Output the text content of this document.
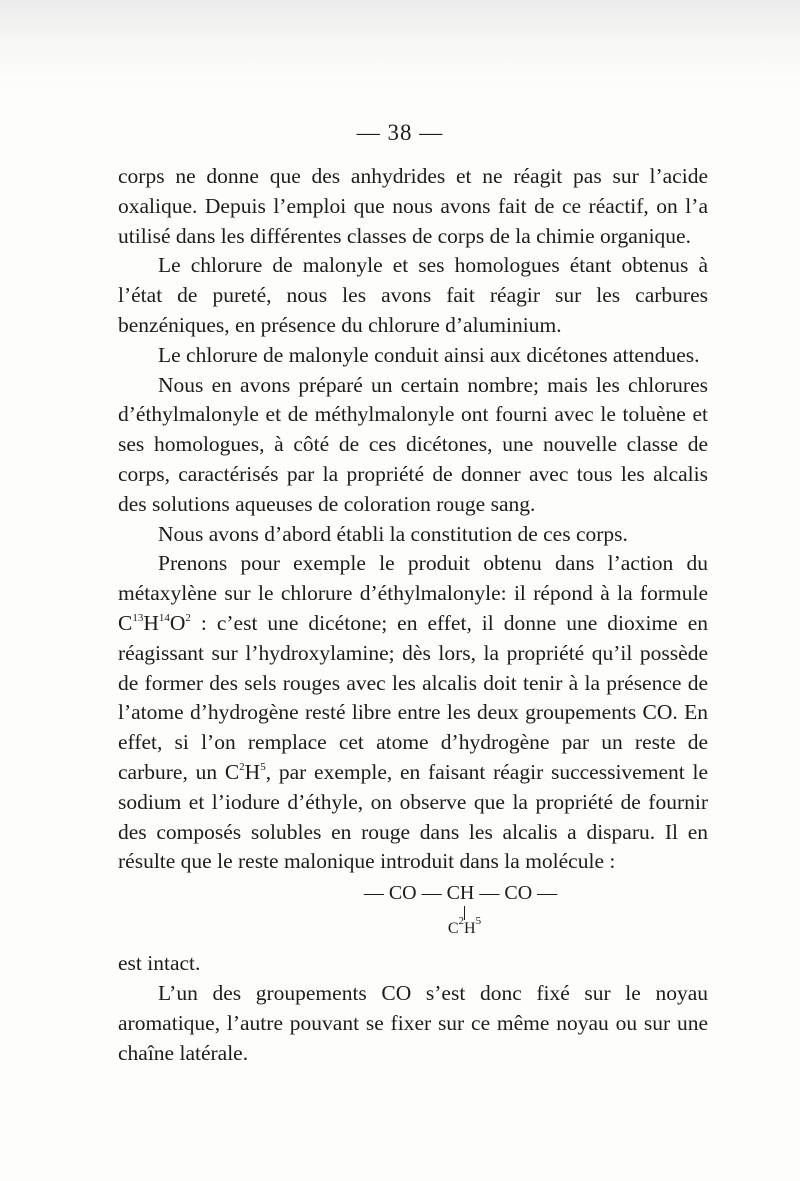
— 38 —

corps ne donne que des anhydrides et ne réagit pas sur l’acide oxalique. Depuis l’emploi que nous avons fait de ce réactif, on l’a utilisé dans les différentes classes de corps de la chimie organique.

Le chlorure de malonyle et ses homologues étant obtenus à l’état de pureté, nous les avons fait réagir sur les carbures benzéniques, en présence du chlorure d’aluminium.

Le chlorure de malonyle conduit ainsi aux dicétones attendues.

Nous en avons préparé un certain nombre; mais les chlorures d’éthylmalonyle et de méthylmalonyle ont fourni avec le toluène et ses homologues, à côté de ces dicétones, une nouvelle classe de corps, caractérisés par la propriété de donner avec tous les alcalis des solutions aqueuses de coloration rouge sang.

Nous avons d’abord établi la constitution de ces corps.

Prenons pour exemple le produit obtenu dans l’action du métaxylène sur le chlorure d’éthylmalonyle: il répond à la formule $C^{13}H^{14}O^2$ : c’est une dicétone; en effet, il donne une dioxime en réagissant sur l’hydroxylamine; dès lors, la propriété qu’il possède de former des sels rouges avec les alcalis doit tenir à la présence de l’atome d’hydrogène resté libre entre les deux groupements CO. En effet, si l’on remplace cet atome d’hydrogène par un reste de carbure, un $C^2H^5$, par exemple, en faisant réagir successivement le sodium et l’iodure d’éthyle, on observe que la propriété de fournir des composés solubles en rouge dans les alcalis a disparu. Il en résulte que le reste malonique introduit dans la molécule :

— CO — CH — CO —
$C^2H^5$

est intact.

L’un des groupements CO s’est donc fixé sur le noyau aromatique, l’autre pouvant se fixer sur ce même noyau ou sur une chaîne latérale.
